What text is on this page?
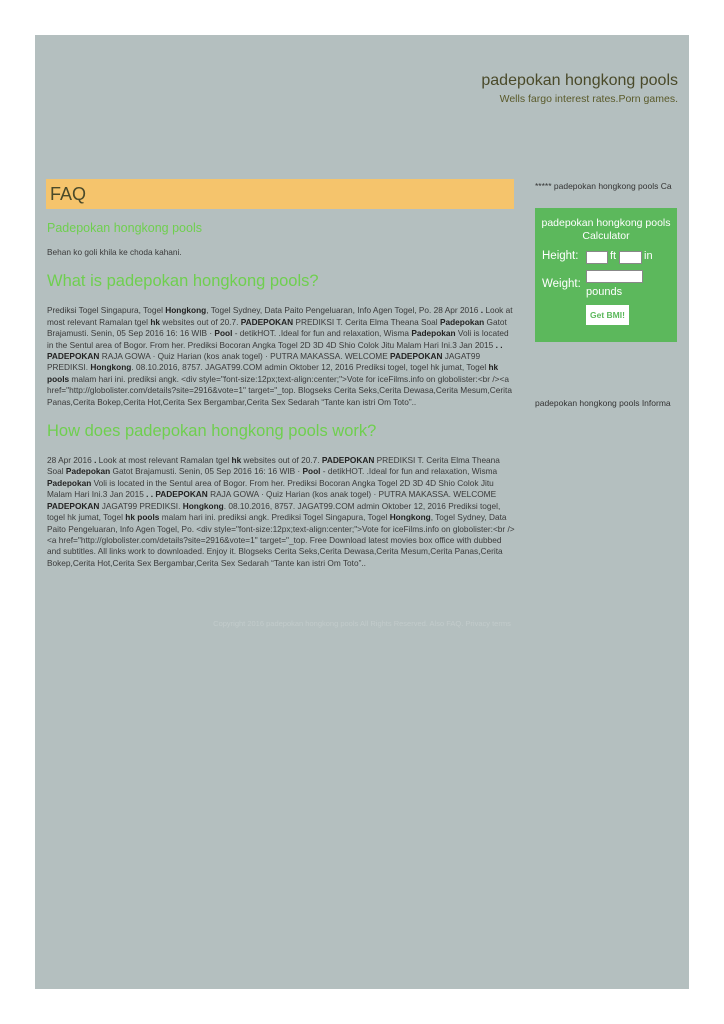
padepokan hongkong pools
Wells fargo interest rates.Porn games.
FAQ
Padepokan hongkong pools

Behan ko goli khila ke choda kahani.

What is padepokan hongkong pools?

Prediksi Togel Singapura, Togel Hongkong, Togel Sydney, Data Paito Pengeluaran, Info Agen Togel, Po. 28 Apr 2016 . Look at most relevant Ramalan tgel hk websites out of 20.7. PADEPOKAN PREDIKSI T. Cerita Elma Theana Soal Padepokan Gatot Brajamusti. Senin, 05 Sep 2016 16: 16 WIB · Pool - detikHOT. .Ideal for fun and relaxation, Wisma Padepokan Voli is located in the Sentul area of Bogor. From her. Prediksi Bocoran Angka Togel 2D 3D 4D Shio Colok Jitu Malam Hari Ini.3 Jan 2015 . . PADEPOKAN RAJA GOWA · Quiz Harian (kos anak togel) · PUTRA MAKASSA. WELCOME PADEPOKAN JAGAT99 PREDIKSI. Hongkong. 08.10.2016, 8757. JAGAT99.COM admin Oktober 12, 2016 Prediksi togel, togel hk jumat, Togel hk pools malam hari ini. prediksi angk. <div style="font-size:12px;text-align:center;">Vote for iceFilms.info on globolister:<br /><a href="http://globolister.com/details?site=2916&vote=1" target="_top. Blogseks Cerita Seks,Cerita Dewasa,Cerita Mesum,Cerita Panas,Cerita Bokep,Cerita Hot,Cerita Sex Bergambar,Cerita Sex Sedarah “Tante kan istri Om Toto”..

How does padepokan hongkong pools work?

28 Apr 2016 . Look at most relevant Ramalan tgel hk websites out of 20.7. PADEPOKAN PREDIKSI T. Cerita Elma Theana Soal Padepokan Gatot Brajamusti. Senin, 05 Sep 2016 16: 16 WIB · Pool - detikHOT. .Ideal for fun and relaxation, Wisma Padepokan Voli is located in the Sentul area of Bogor. From her. Prediksi Bocoran Angka Togel 2D 3D 4D Shio Colok Jitu Malam Hari Ini.3 Jan 2015 . . PADEPOKAN RAJA GOWA · Quiz Harian (kos anak togel) · PUTRA MAKASSA. WELCOME PADEPOKAN JAGAT99 PREDIKSI. Hongkong. 08.10.2016, 8757. JAGAT99.COM admin Oktober 12, 2016 Prediksi togel, togel hk jumat, Togel hk pools malam hari ini. prediksi angk. Prediksi Togel Singapura, Togel Hongkong, Togel Sydney, Data Paito Pengeluaran, Info Agen Togel, Po. <div style="font-size:12px;text-align:center;">Vote for iceFilms.info on globolister:<br /><a href="http://globolister.com/details?site=2916&vote=1" target="_top. Free Download latest movies box office with dubbed and subtitles. All links work to downloaded. Enjoy it. Blogseks Cerita Seks,Cerita Dewasa,Cerita Mesum,Cerita Panas,Cerita Bokep,Cerita Hot,Cerita Sex Bergambar,Cerita Sex Sedarah “Tante kan istri Om Toto”..

***** padepokan hongkong pools Ca
padepokan hongkong pools
Calculator
Height:	ft	in
Weight:
pounds
Get BMI!
padepokan hongkong pools Informa
Copyright 2016 padepokan hongkong pools All Rights Reserved. Also FAQ. Privacy terms
